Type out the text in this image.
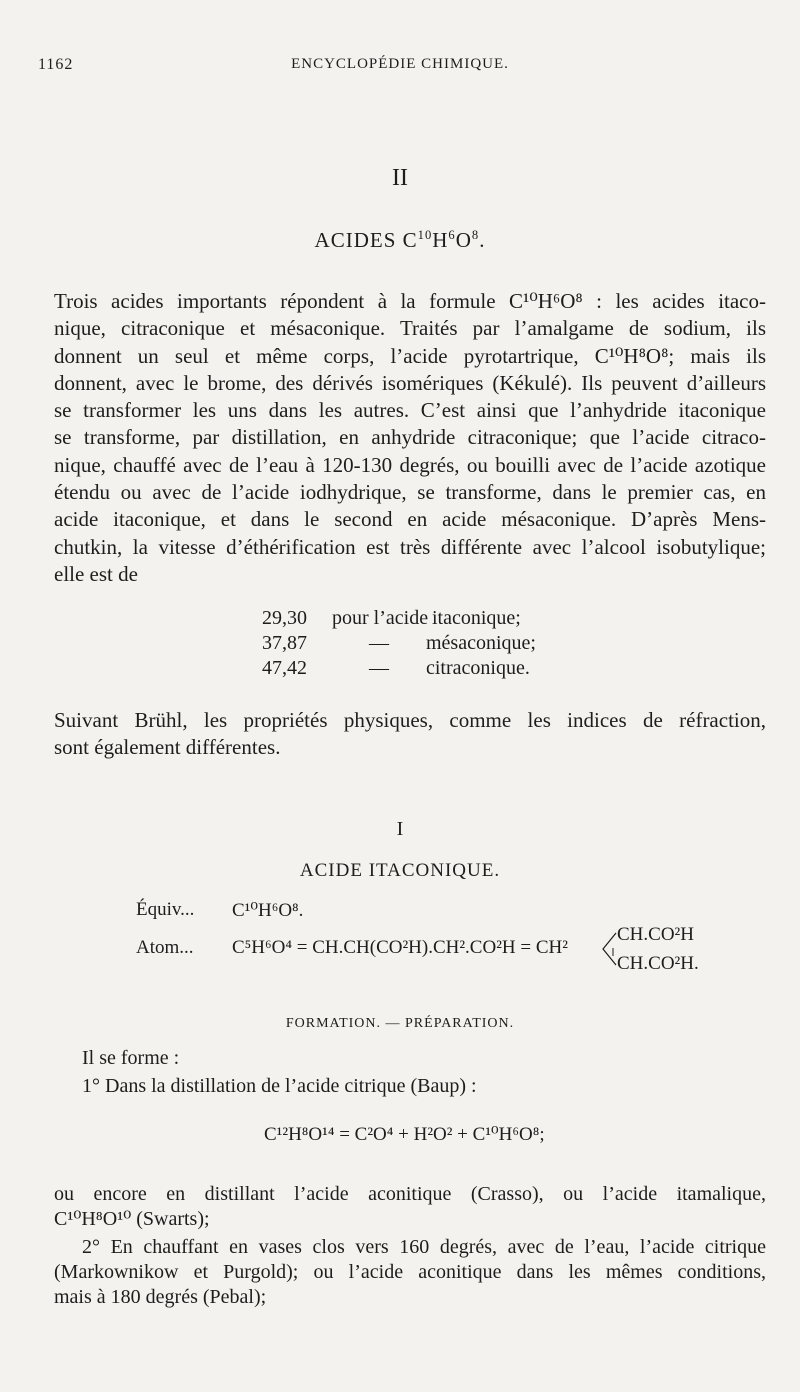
1162	ENCYCLOPÉDIE CHIMIQUE.
II
ACIDES $C^{10}H^6O^8$.
Trois acides importants répondent à la formule C¹⁰H⁶O⁸ : les acides itaco-
nique, citraconique et mésaconique. Traités par l’amalgame de sodium, ils
donnent un seul et même corps, l’acide pyrotartrique, C¹⁰H⁸O⁸; mais ils
donnent, avec le brome, des dérivés isomériques (Kékulé). Ils peuvent d’ailleurs
se transformer les uns dans les autres. C’est ainsi que l’anhydride itaconique
se transforme, par distillation, en anhydride citraconique; que l’acide citraco-
nique, chauffé avec de l’eau à 120-130 degrés, ou bouilli avec de l’acide azotique
étendu ou avec de l’acide iodhydrique, se transforme, dans le premier cas, en
acide itaconique, et dans le second en acide mésaconique. D’après Mens-
chutkin, la vitesse d’éthérification est très différente avec l’alcool isobutylique;
elle est de
29,30	pour l’acide itaconique;
37,87	—	mésaconique;
47,42	—	citraconique.
Suivant Brühl, les propriétés physiques, comme les indices de réfraction,
sont également différentes.
I
ACIDE ITACONIQUE.
Équiv... C¹⁰H⁶O⁸.
Atom... C⁵H⁶O⁴ = CH.CH(CO²H).CH².CO²H = CH²
CH.CO²H
CH.CO²H.
FORMATION. — PRÉPARATION.
Il se forme :
1° Dans la distillation de l’acide citrique (Baup) :
C¹²H⁸O¹⁴ = C²O⁴ + H²O² + C¹⁰H⁶O⁸;
ou encore en distillant l’acide aconitique (Crasso), ou l’acide itamalique,
C¹⁰H⁸O¹⁰ (Swarts);
2° En chauffant en vases clos vers 160 degrés, avec de l’eau, l’acide citrique
(Markownikow et Purgold); ou l’acide aconitique dans les mêmes conditions,
mais à 180 degrés (Pebal);
